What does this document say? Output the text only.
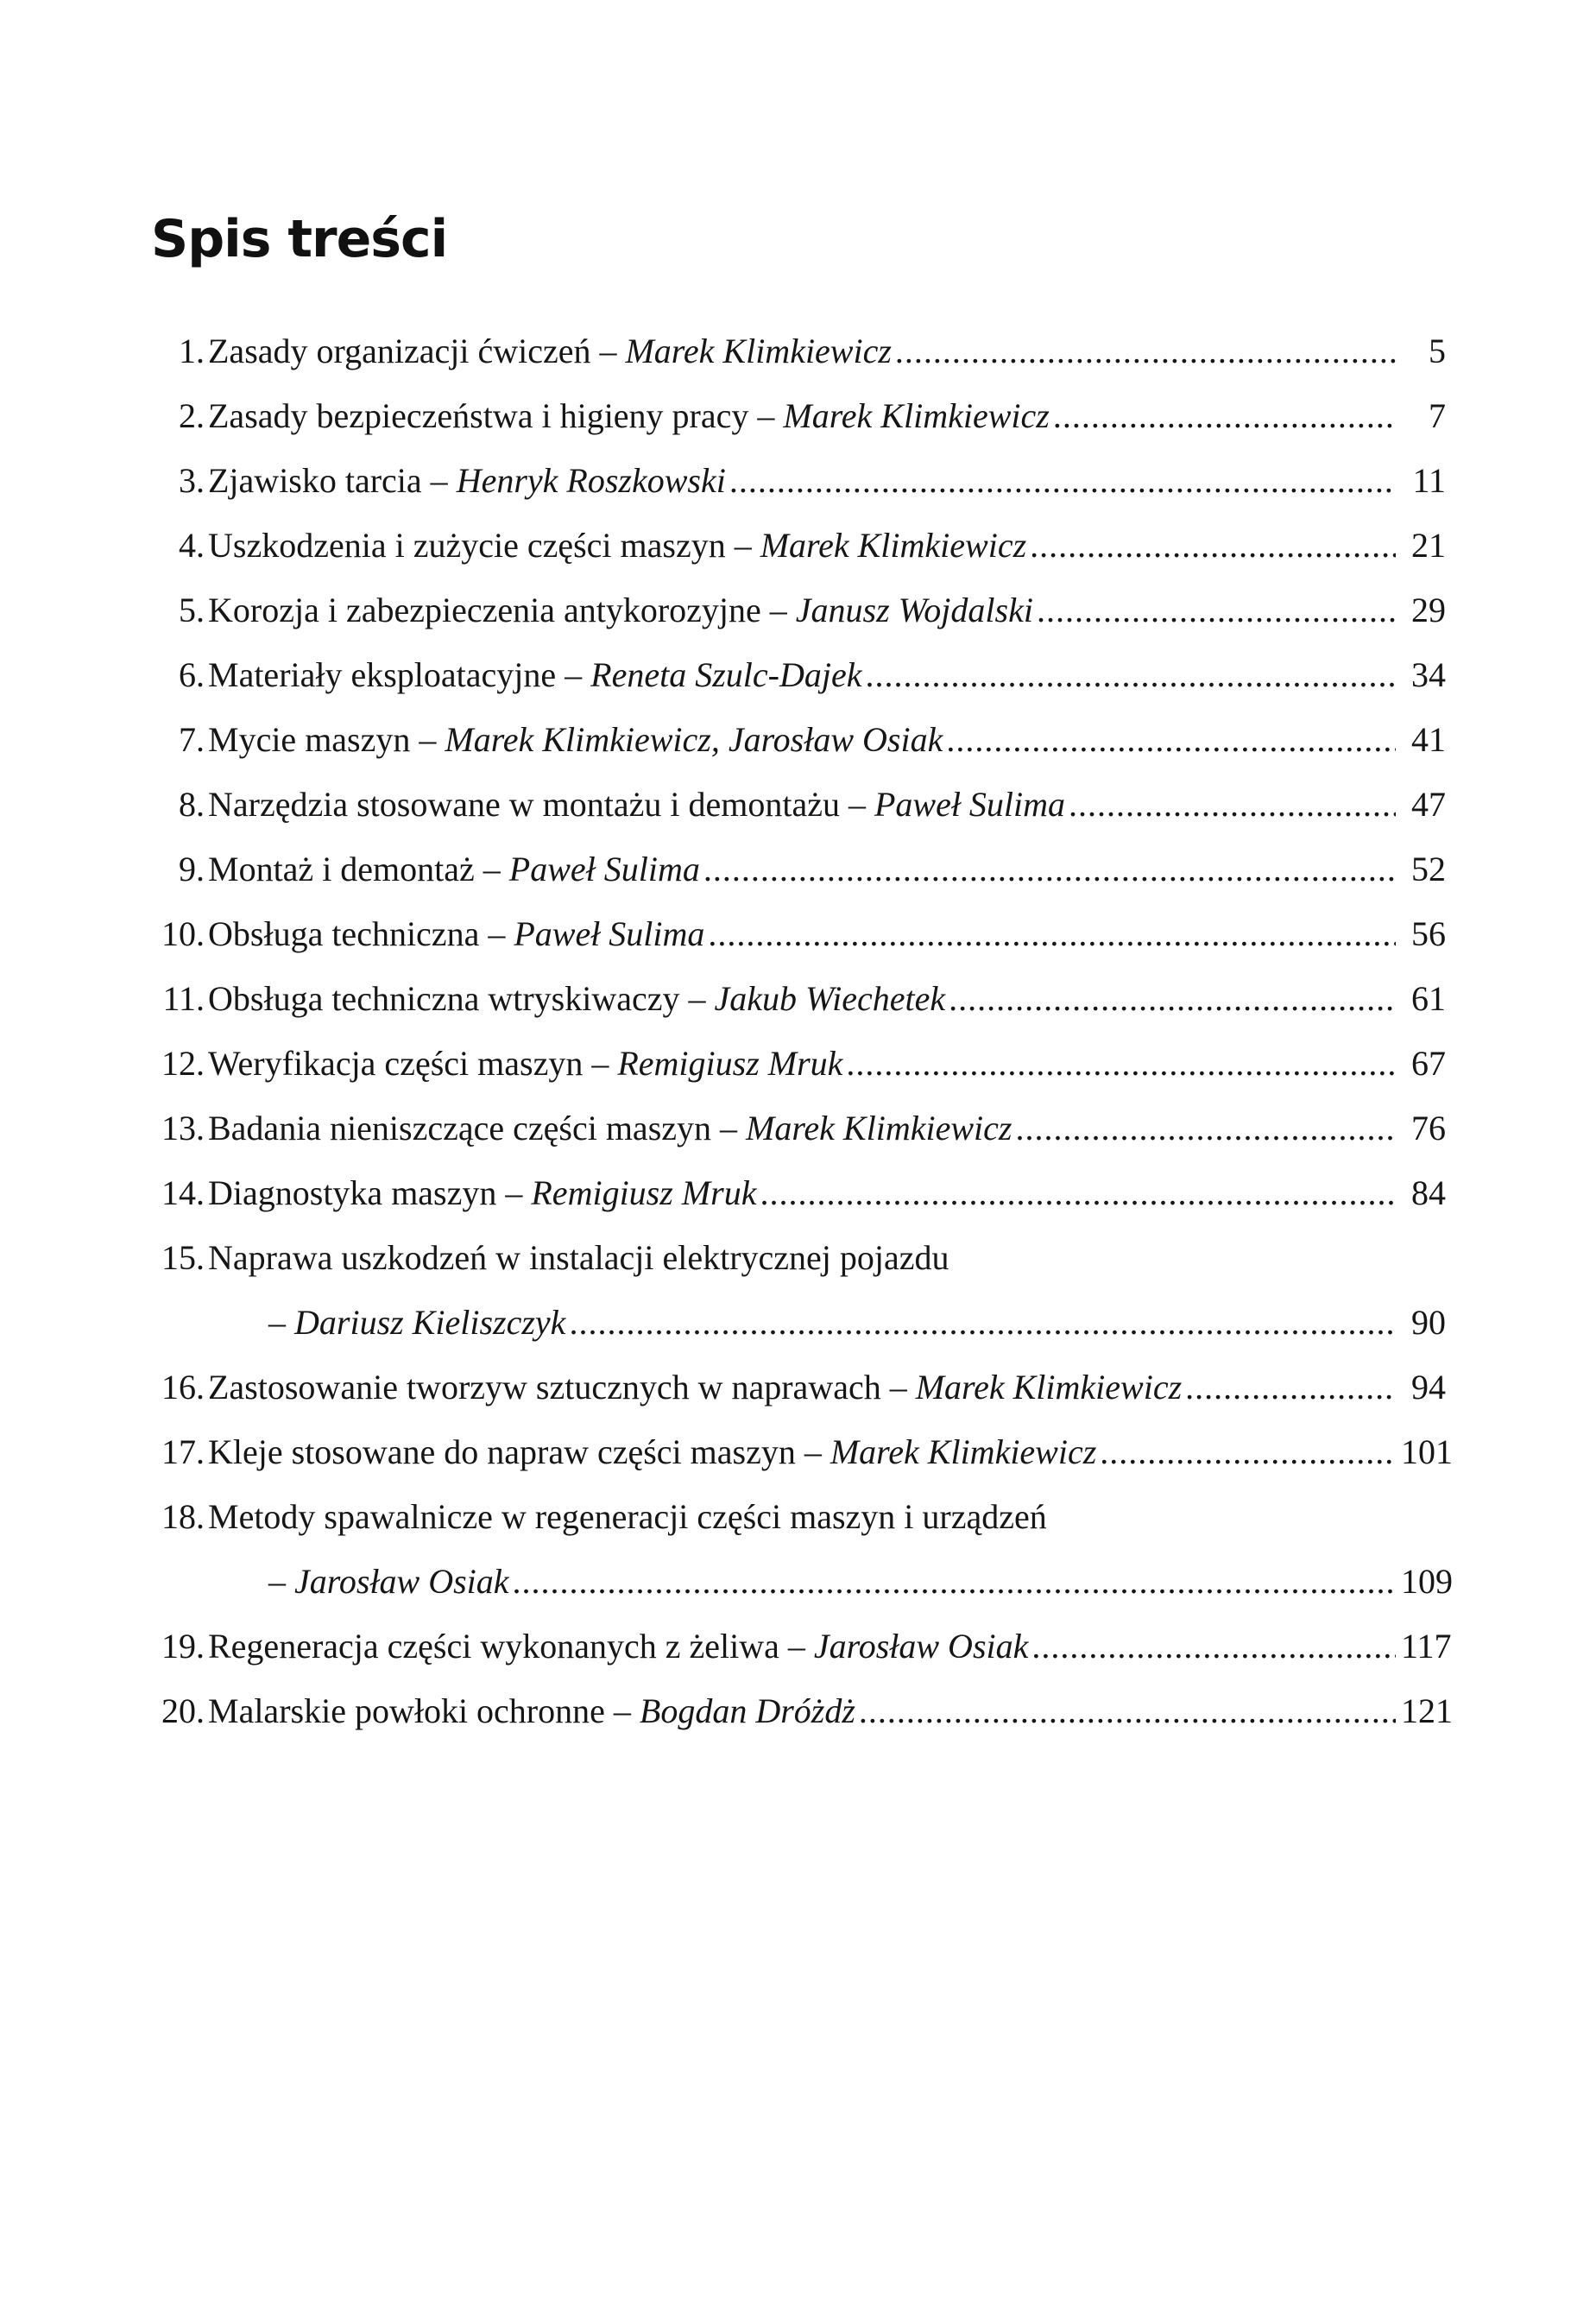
Spis treści
1. Zasady organizacji ćwiczeń – Marek Klimkiewicz .....	5
2. Zasady bezpieczeństwa i higieny pracy – Marek Klimkiewicz .....	7
3. Zjawisko tarcia – Henryk Roszkowski .....	11
4. Uszkodzenia i zużycie części maszyn – Marek Klimkiewicz .....	21
5. Korozja i zabezpieczenia antykorozyjne – Janusz Wojdalski .....	29
6. Materiały eksploatacyjne – Reneta Szulc-Dajek .....	34
7. Mycie maszyn – Marek Klimkiewicz, Jarosław Osiak .....	41
8. Narzędzia stosowane w montażu i demontażu – Paweł Sulima .....	47
9. Montaż i demontaż – Paweł Sulima .....	52
10. Obsługa techniczna – Paweł Sulima .....	56
11. Obsługa techniczna wtryskiwaczy – Jakub Wiechetek .....	61
12. Weryfikacja części maszyn – Remigiusz Mruk .....	67
13. Badania nieniszczące części maszyn – Marek Klimkiewicz .....	76
14. Diagnostyka maszyn – Remigiusz Mruk .....	84
15. Naprawa uszkodzeń w instalacji elektrycznej pojazdu
– Dariusz Kieliszczyk .....	90
16. Zastosowanie tworzyw sztucznych w naprawach – Marek Klimkiewicz .....	94
17. Kleje stosowane do napraw części maszyn – Marek Klimkiewicz .....	101
18. Metody spawalnicze w regeneracji części maszyn i urządzeń
– Jarosław Osiak .....	109
19. Regeneracja części wykonanych z żeliwa – Jarosław Osiak .....	117
20. Malarskie powłoki ochronne – Bogdan Dróżdż .....	121
